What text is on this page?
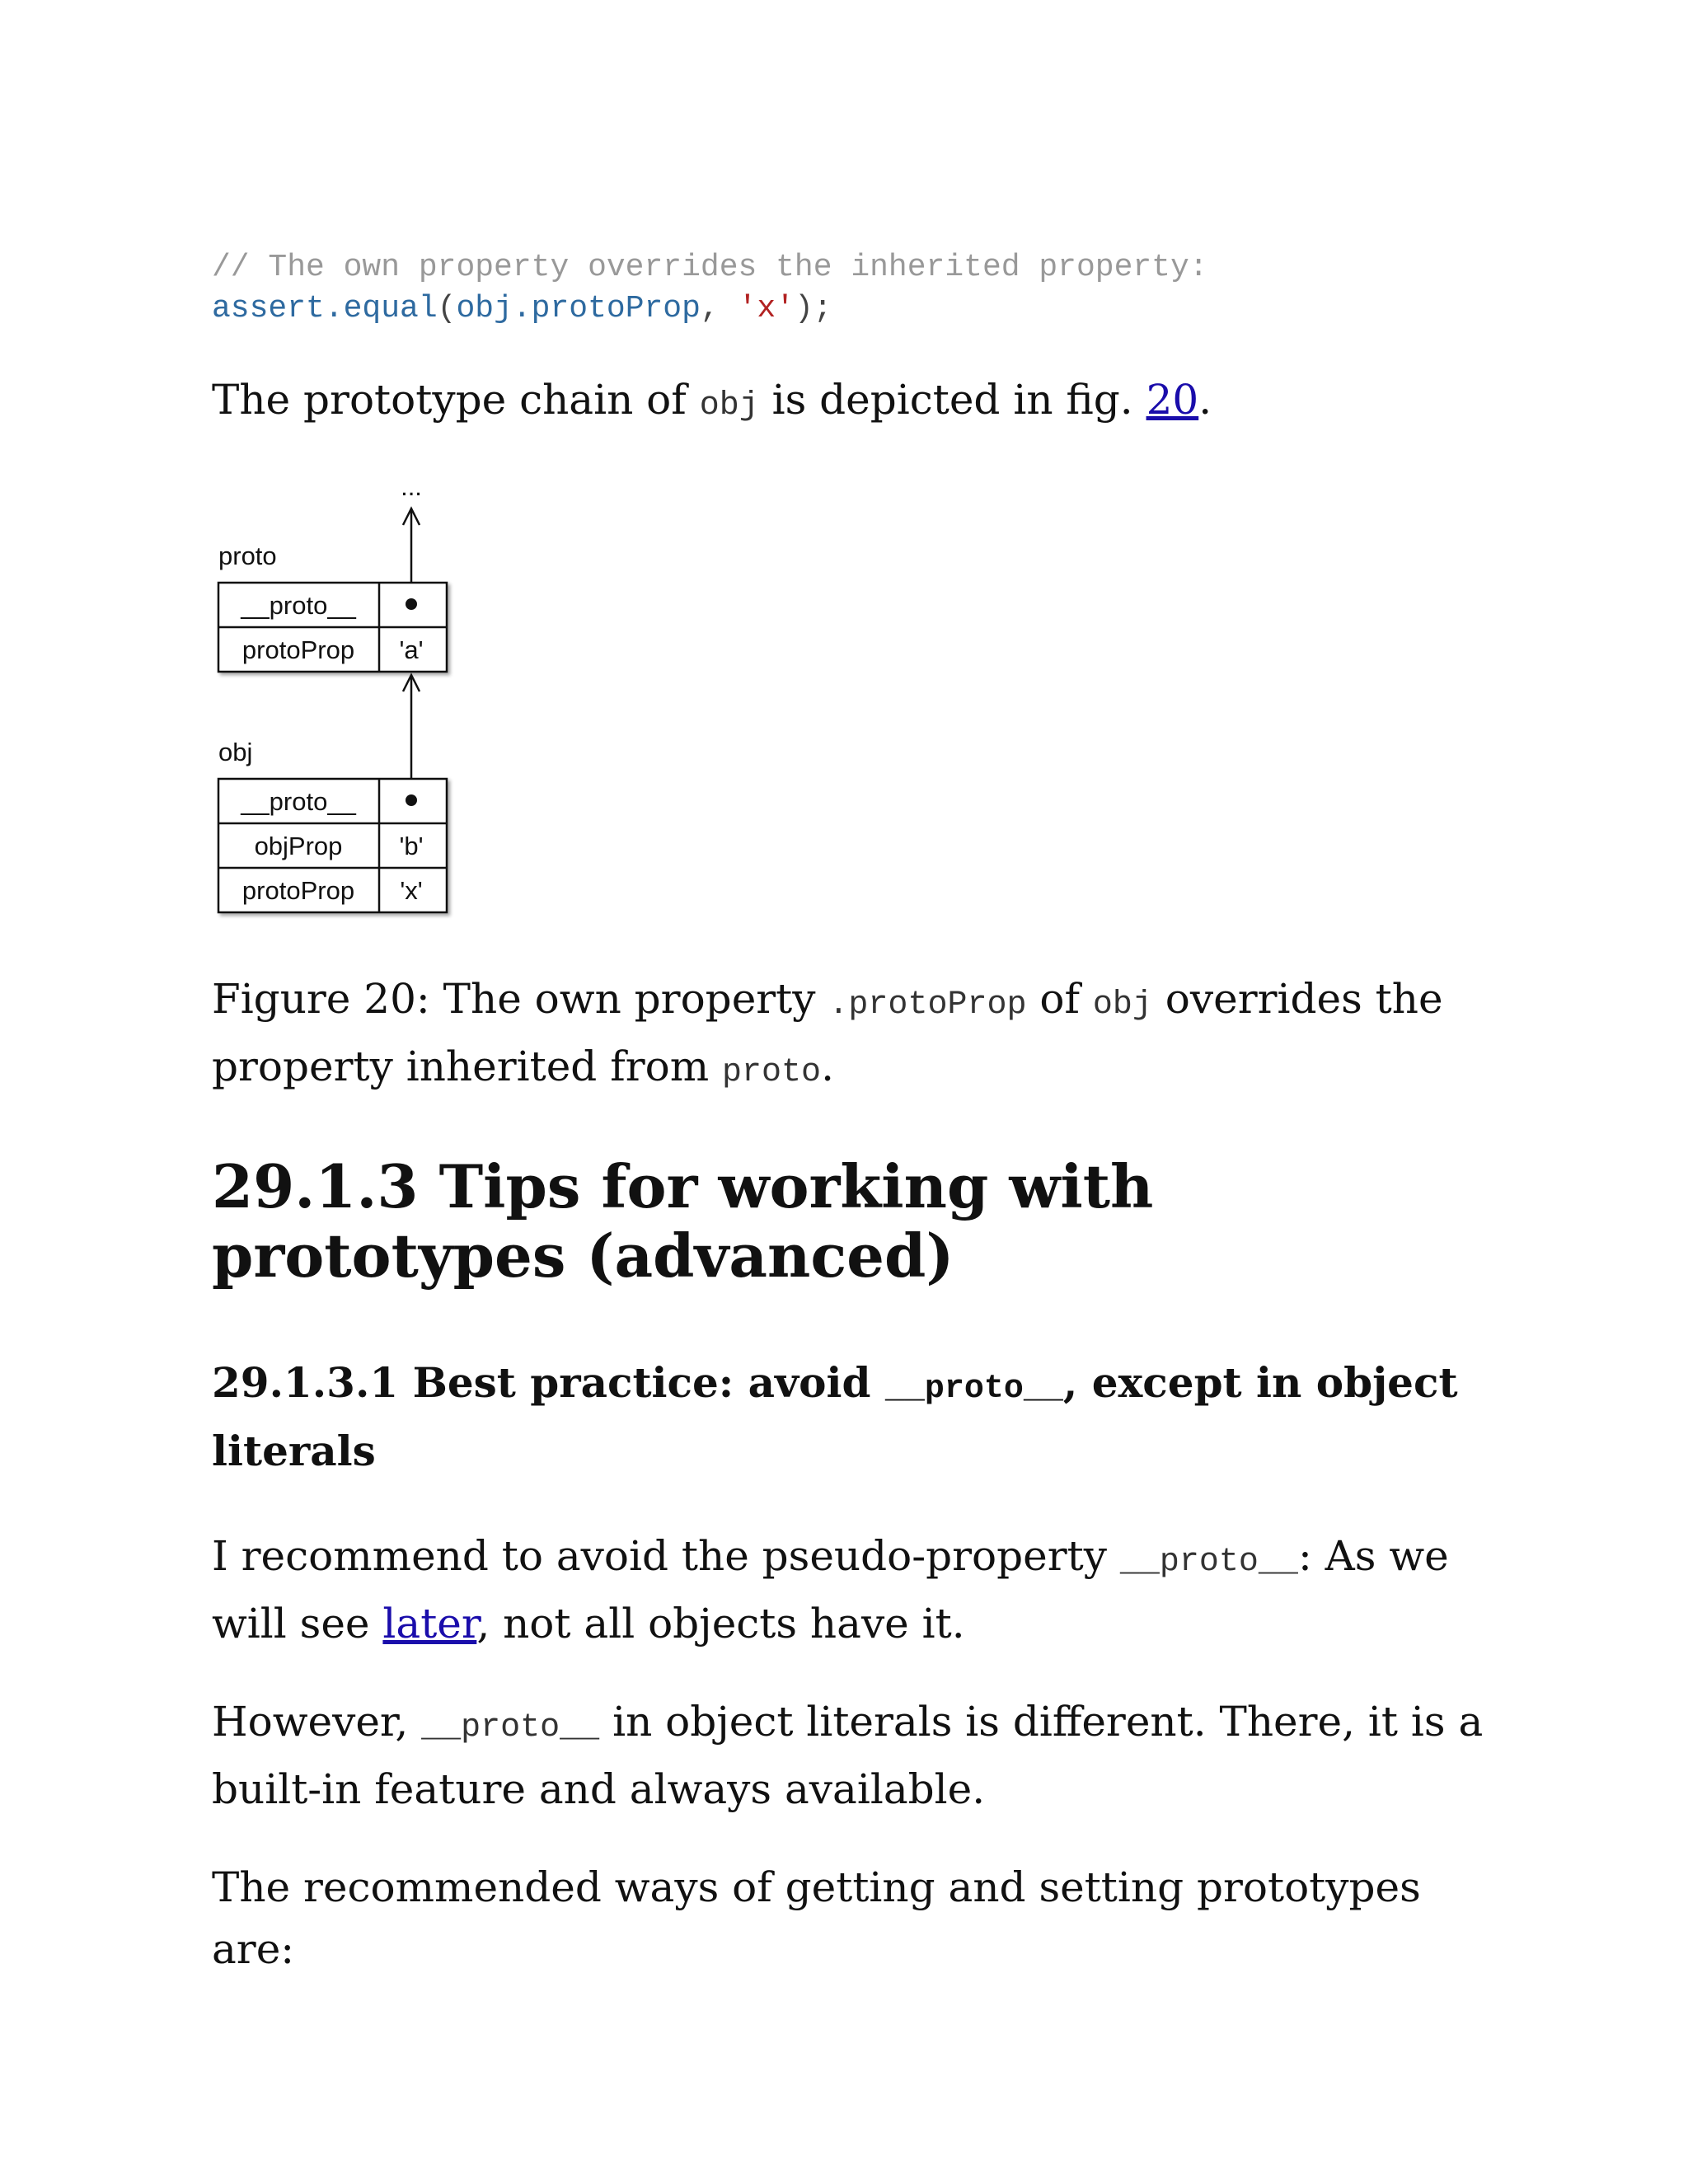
// The own property overrides the inherited property:
assert.equal(obj.protoProp, 'x');
The prototype chain of obj is depicted in fig. 20.
...
proto
__proto__
protoProp 'a'
obj
__proto__
objProp 'b'
protoProp 'x'
Figure 20: The own property .protoProp of obj overrides the property inherited from proto.
29.1.3 Tips for working with prototypes (advanced)
29.1.3.1 Best practice: avoid __proto__, except in object literals
I recommend to avoid the pseudo-property __proto__: As we will see later, not all objects have it.
However, __proto__ in object literals is different. There, it is a built-in feature and always available.
The recommended ways of getting and setting prototypes are:
